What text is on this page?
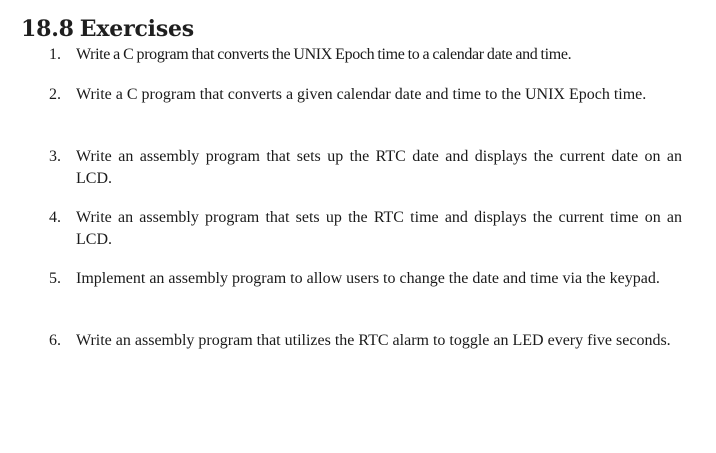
18.8 Exercises
1. Write a C program that converts the UNIX Epoch time to a calendar date and time.
2. Write a C program that converts a given calendar date and time to the UNIX Epoch time.
3. Write an assembly program that sets up the RTC date and displays the current date on an LCD.
4. Write an assembly program that sets up the RTC time and displays the current time on an LCD.
5. Implement an assembly program to allow users to change the date and time via the keypad.
6. Write an assembly program that utilizes the RTC alarm to toggle an LED every five seconds.
